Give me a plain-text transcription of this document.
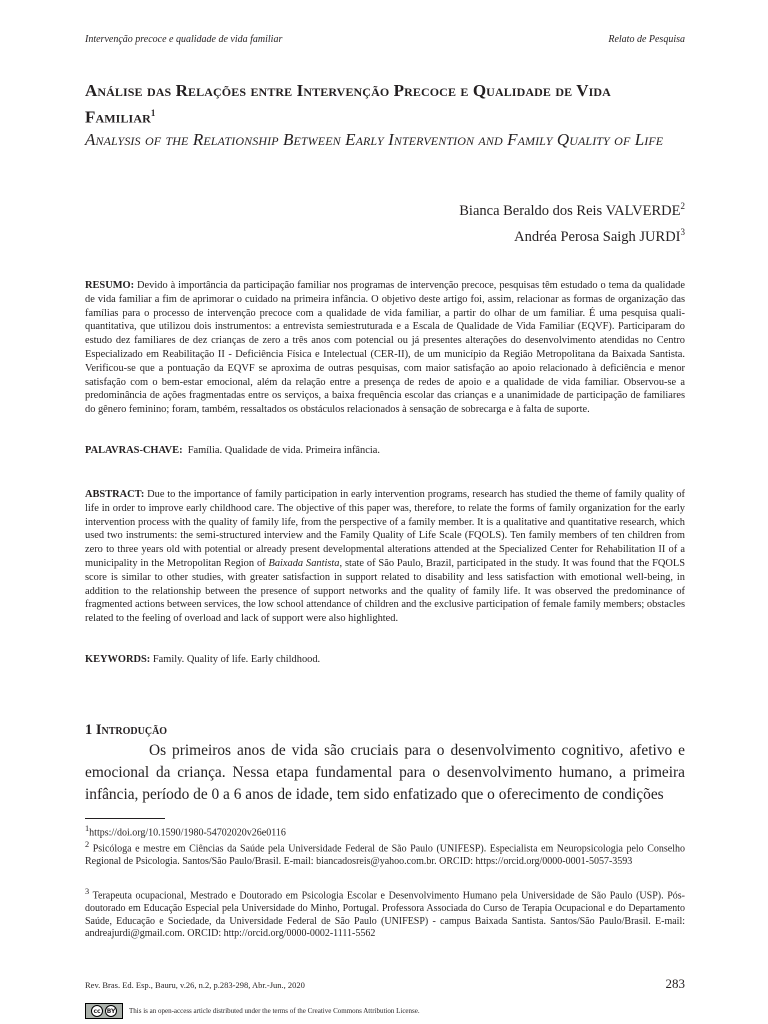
Intervenção precoce e qualidade de vida familiar	Relato de Pesquisa
Análise das Relações entre Intervenção Precoce e Qualidade de Vida Familiar$^1$
Analysis of the Relationship Between Early Intervention and Family Quality of Life
Bianca Beraldo dos Reis VALVERDE$^2$
Andréa Perosa Saigh JURDI$^3$
RESUMO: Devido à importância da participação familiar nos programas de intervenção precoce, pesquisas têm estudado o tema da qualidade de vida familiar a fim de aprimorar o cuidado na primeira infância. O objetivo deste artigo foi, assim, relacionar as formas de organização das famílias para o processo de intervenção precoce com a qualidade de vida familiar, a partir do olhar de um familiar. É uma pesquisa quali-quantitativa, que utilizou dois instrumentos: a entrevista semiestruturada e a Escala de Qualidade de Vida Familiar (EQVF). Participaram do estudo dez familiares de dez crianças de zero a três anos com potencial ou já presentes alterações do desenvolvimento atendidas no Centro Especializado em Reabilitação II - Deficiência Física e Intelectual (CER-II), de um município da Região Metropolitana da Baixada Santista. Verificou-se que a pontuação da EQVF se aproxima de outras pesquisas, com maior satisfação ao apoio relacionado à deficiência e menor satisfação com o bem-estar emocional, além da relação entre a presença de redes de apoio e a qualidade de vida familiar. Observou-se a predominância de ações fragmentadas entre os serviços, a baixa frequência escolar das crianças e a unanimidade de participação de familiares do gênero feminino; foram, também, ressaltados os obstáculos relacionados à sensação de sobrecarga e à falta de suporte.
PALAVRAS-CHAVE: Família. Qualidade de vida. Primeira infância.
ABSTRACT: Due to the importance of family participation in early intervention programs, research has studied the theme of family quality of life in order to improve early childhood care. The objective of this paper was, therefore, to relate the forms of family organization for the early intervention process with the quality of family life, from the perspective of a family member. It is a qualitative and quantitative research, which used two instruments: the semi-structured interview and the Family Quality of Life Scale (FQOLS). Ten family members of ten children from zero to three years old with potential or already present developmental alterations attended at the Specialized Center for Rehabilitation II of a municipality in the Metropolitan Region of Baixada Santista, state of São Paulo, Brazil, participated in the study. It was found that the FQOLS score is similar to other studies, with greater satisfaction in support related to disability and less satisfaction with emotional well-being, in addition to the relationship between the presence of support networks and the quality of family life. It was observed the predominance of fragmented actions between services, the low school attendance of children and the exclusive participation of female family members; obstacles related to the feeling of overload and lack of support were also highlighted.
KEYWORDS: Family. Quality of life. Early childhood.
1 Introdução
Os primeiros anos de vida são cruciais para o desenvolvimento cognitivo, afetivo e emocional da criança. Nessa etapa fundamental para o desenvolvimento humano, a primeira infância, período de 0 a 6 anos de idade, tem sido enfatizado que o oferecimento de condições
$^1$https://doi.org/10.1590/1980-54702020v26e0116
$^2$ Psicóloga e mestre em Ciências da Saúde pela Universidade Federal de São Paulo (UNIFESP). Especialista em Neuropsicologia pelo Conselho Regional de Psicologia. Santos/São Paulo/Brasil. E-mail: biancadosreis@yahoo.com.br. ORCID: https://orcid.org/0000-0001-5057-3593
$^3$ Terapeuta ocupacional, Mestrado e Doutorado em Psicologia Escolar e Desenvolvimento Humano pela Universidade de São Paulo (USP). Pós-doutorado em Educação Especial pela Universidade do Minho, Portugal. Professora Associada do Curso de Terapia Ocupacional e do Departamento Saúde, Educação e Sociedade, da Universidade Federal de São Paulo (UNIFESP) - campus Baixada Santista. Santos/São Paulo/Brasil. E-mail: andreajurdi@gmail.com. ORCID: http://orcid.org/0000-0002-1111-5562
Rev. Bras. Ed. Esp., Bauru, v.26, n.2, p.283-298, Abr.-Jun., 2020	283
cc	BY This is an open-access article distributed under the terms of the Creative Commons Attribution License.
